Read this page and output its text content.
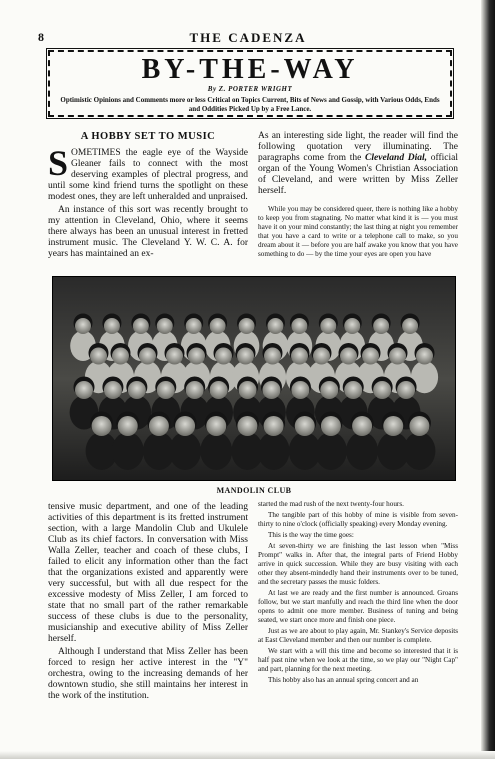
8	THE CADENZA
BY-THE-WAY
By Z. PORTER WRIGHT
Optimistic Opinions and Comments more or less Critical on Topics Current, Bits of News and Gossip, with Various Odds, Ends and Oddities Picked Up by a Free Lance.
A HOBBY SET TO MUSIC

SOMETIMES the eagle eye of the Wayside Gleaner fails to connect with the most deserving examples of plectral progress, and until some kind friend turns the spotlight on these modest ones, they are left unheralded and unpraised.

An instance of this sort was recently brought to my attention in Cleveland, Ohio, where it seems there always has been an unusual interest in fretted instrument music. The Cleveland Y. W. C. A. for years has maintained an ex-

As an interesting side light, the reader will find the following quotation very illuminating. The paragraphs come from the Cleveland Dial, official organ of the Young Women's Christian Association of Cleveland, and were written by Miss Zeller herself.

While you may be considered queer, there is nothing like a hobby to keep you from stagnating. No matter what kind it is — you must have it on your mind constantly; the last thing at night you remember that you have a card to write or a telephone call to make, so you dream about it — before you are half awake you know that you have something to do — by the time your eyes are open you have

MANDOLIN CLUB

tensive music department, and one of the leading activities of this department is its fretted instrument section, with a large Mandolin Club and Ukulele Club as its chief factors. In conversation with Miss Walla Zeller, teacher and coach of these clubs, I failed to elicit any information other than the fact that the organizations existed and apparently were very successful, but with all due respect for the excessive modesty of Miss Zeller, I am forced to state that no small part of the rather remarkable success of these clubs is due to the personality, musicianship and executive ability of Miss Zeller herself.

Although I understand that Miss Zeller has been forced to resign her active interest in the "Y" orchestra, owing to the increasing demands of her downtown studio, she still maintains her interest in the work of the institution.

started the mad rush of the next twenty-four hours.

The tangible part of this hobby of mine is visible from seven-thirty to nine o'clock (officially speaking) every Monday evening.

This is the way the time goes:

At seven-thirty we are finishing the last lesson when "Miss Prompt" walks in. After that, the integral parts of Friend Hobby arrive in quick succession. While they are busy visiting with each other they absent-mindedly hand their instruments over to be tuned, and the secretary passes the music folders.

At last we are ready and the first number is announced. Groans follow, but we start manfully and reach the third line when the door opens to admit one more member. Business of tuning and being seated, we start once more and finish one piece.

Just as we are about to play again, Mr. Stankey's Service deposits at East Cleveland member and then our number is complete.

We start with a will this time and become so interested that it is half past nine when we look at the time, so we play our "Night Cap" and part, planning for the next meeting.

This hobby also has an annual spring concert and an
